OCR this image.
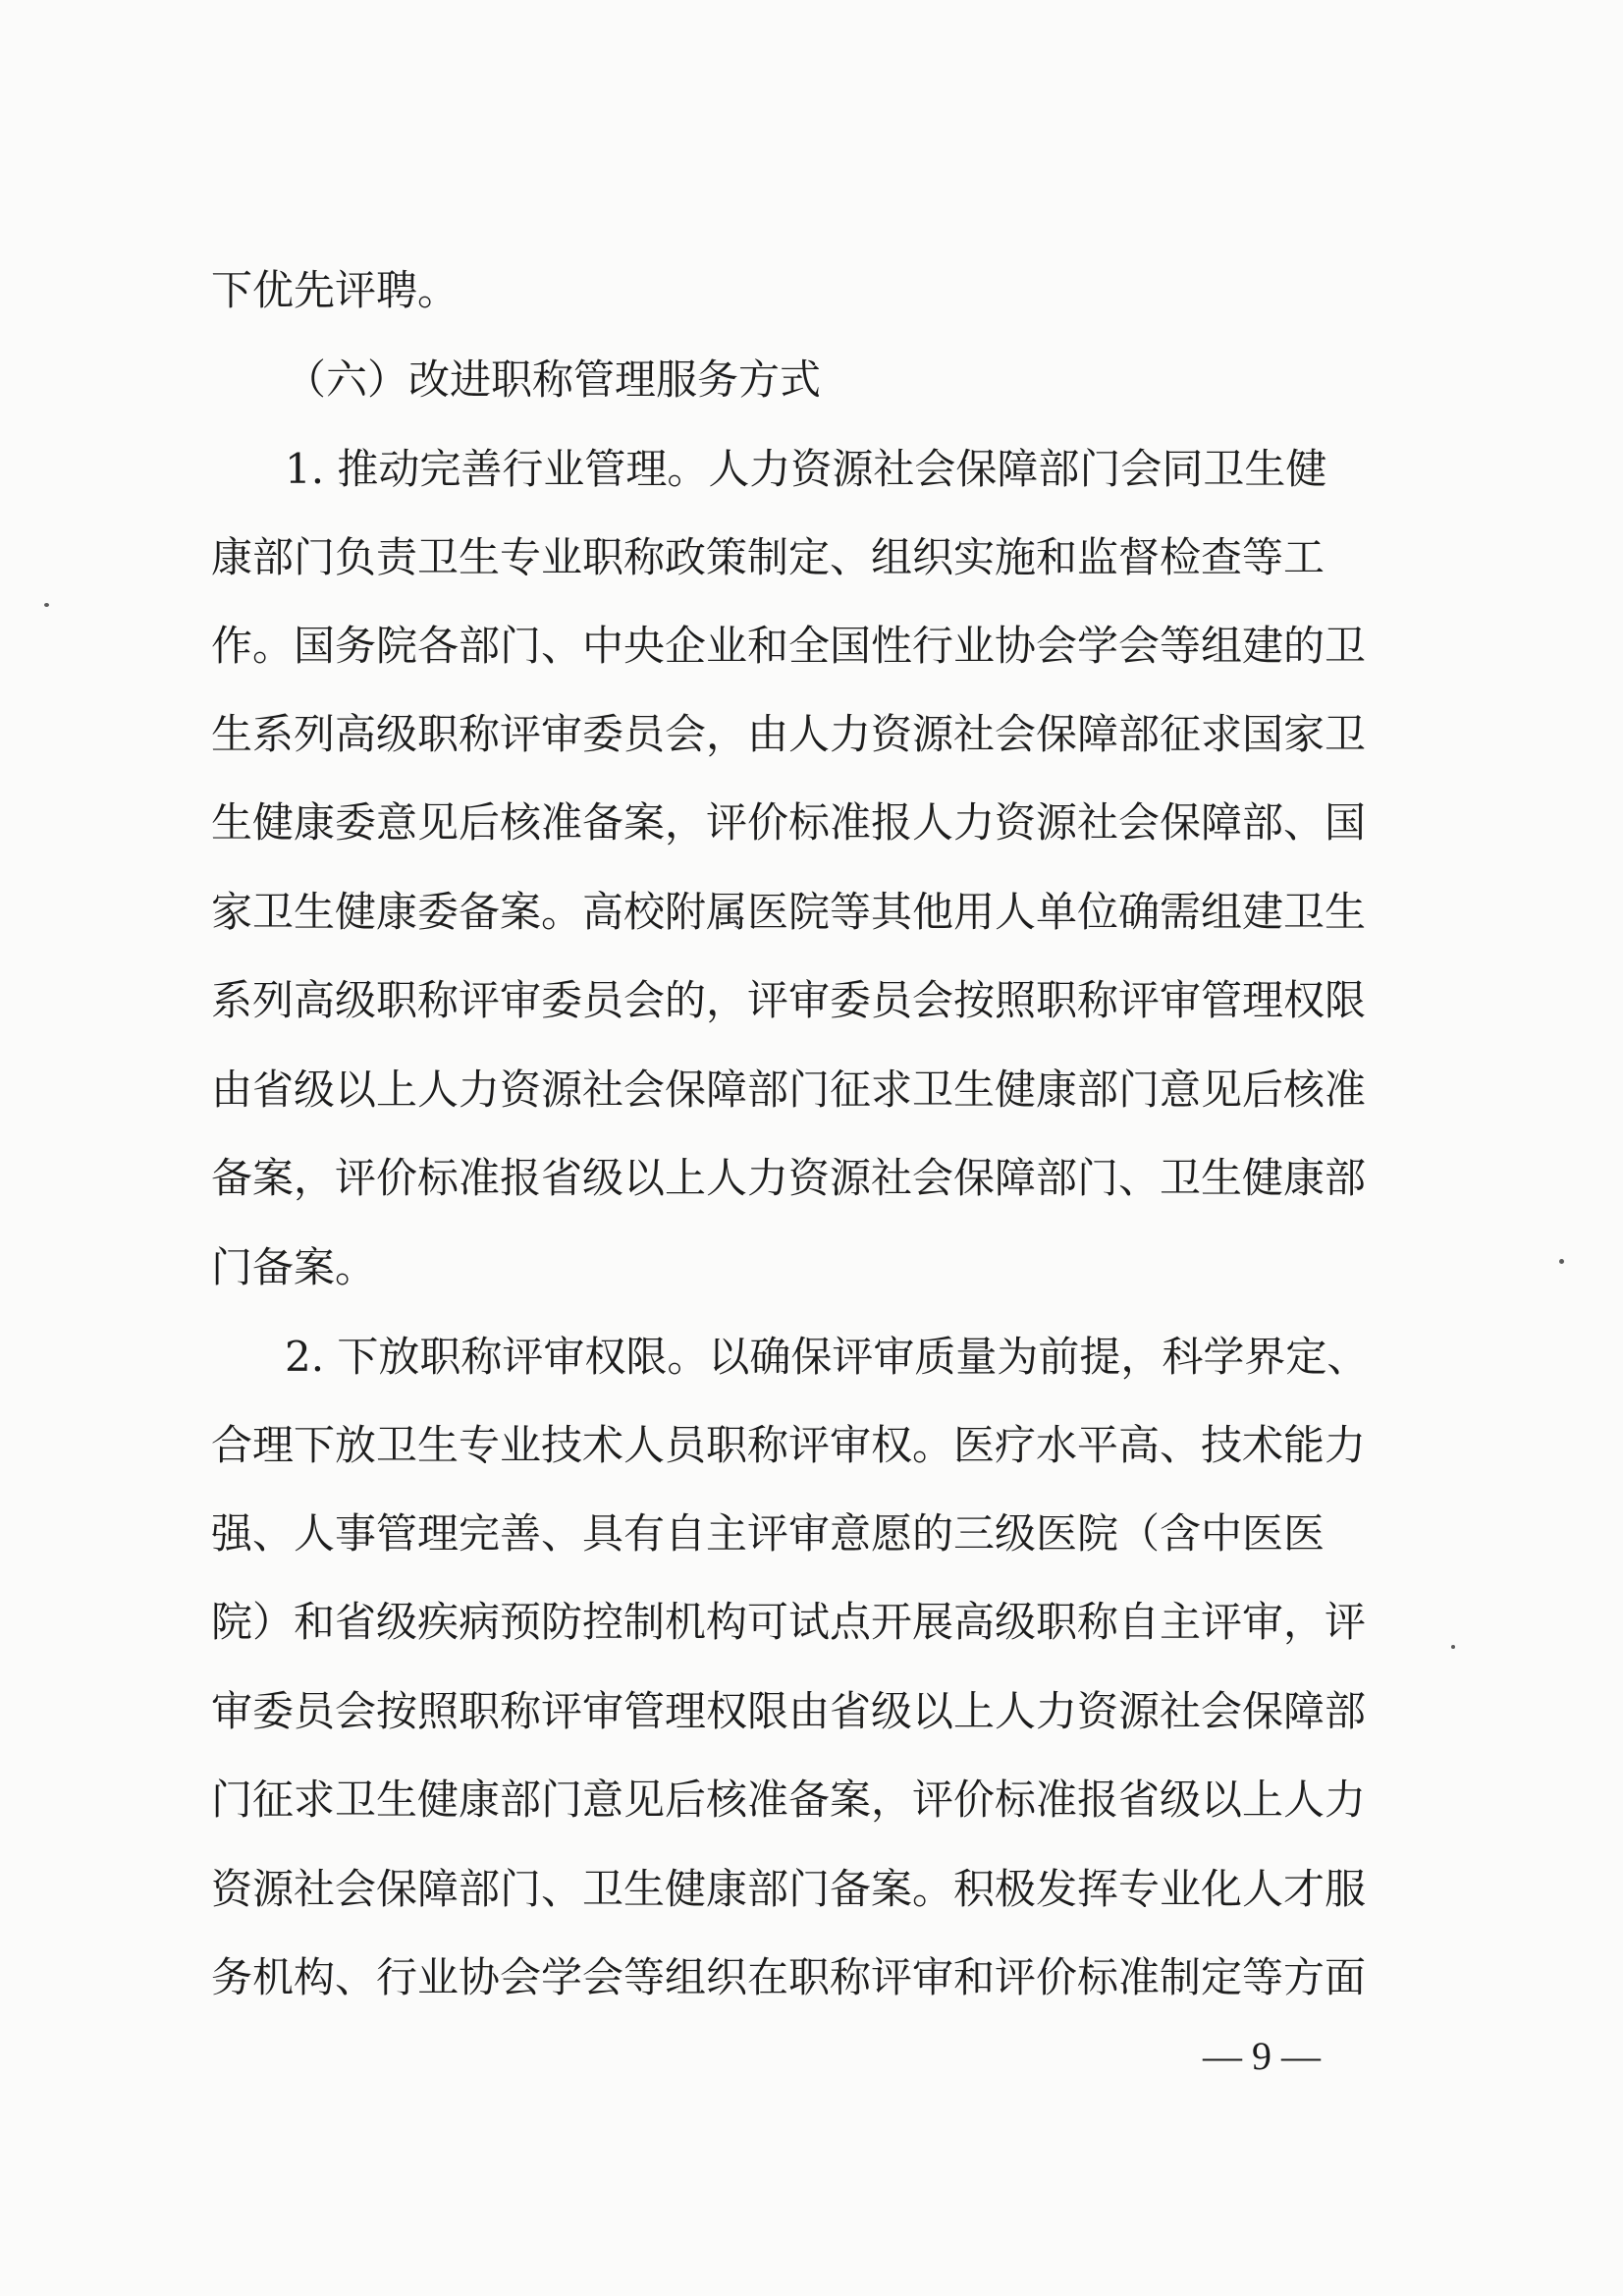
下优先评聘。

（六）改进职称管理服务方式

1. 推动完善行业管理。人力资源社会保障部门会同卫生健

康部门负责卫生专业职称政策制定、组织实施和监督检查等工

作。国务院各部门、中央企业和全国性行业协会学会等组建的卫

生系列高级职称评审委员会，由人力资源社会保障部征求国家卫

生健康委意见后核准备案，评价标准报人力资源社会保障部、国

家卫生健康委备案。高校附属医院等其他用人单位确需组建卫生

系列高级职称评审委员会的，评审委员会按照职称评审管理权限

由省级以上人力资源社会保障部门征求卫生健康部门意见后核准

备案，评价标准报省级以上人力资源社会保障部门、卫生健康部

门备案。

2. 下放职称评审权限。以确保评审质量为前提，科学界定、

合理下放卫生专业技术人员职称评审权。医疗水平高、技术能力

强、人事管理完善、具有自主评审意愿的三级医院（含中医医

院）和省级疾病预防控制机构可试点开展高级职称自主评审，评

审委员会按照职称评审管理权限由省级以上人力资源社会保障部

门征求卫生健康部门意见后核准备案，评价标准报省级以上人力

资源社会保障部门、卫生健康部门备案。积极发挥专业化人才服

务机构、行业协会学会等组织在职称评审和评价标准制定等方面

— 9 —
